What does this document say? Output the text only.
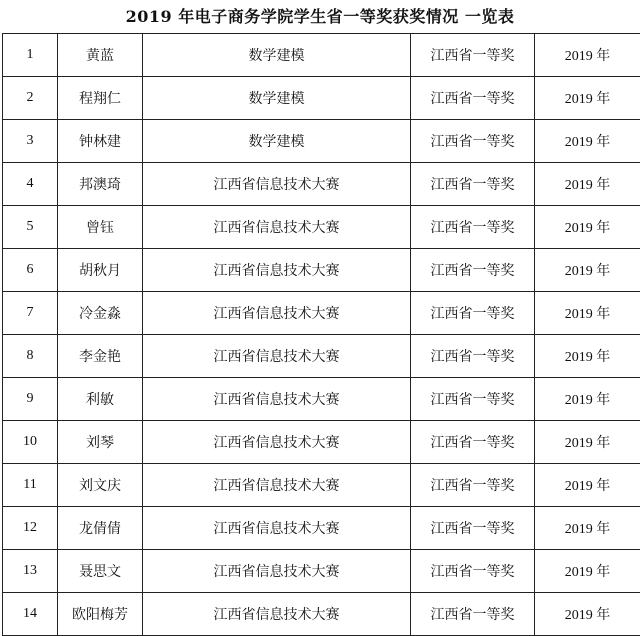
2019 年电子商务学院学生省一等奖获奖情况 一览表
1	黄蓝	数学建模	江西省一等奖	2019 年
2	程翔仁	数学建模	江西省一等奖	2019 年
3	钟林建	数学建模	江西省一等奖	2019 年
4	邦澳琦	江西省信息技术大赛	江西省一等奖	2019 年
5	曾钰	江西省信息技术大赛	江西省一等奖	2019 年
6	胡秋月	江西省信息技术大赛	江西省一等奖	2019 年
7	冷金淼	江西省信息技术大赛	江西省一等奖	2019 年
8	李金艳	江西省信息技术大赛	江西省一等奖	2019 年
9	利敏	江西省信息技术大赛	江西省一等奖	2019 年
10	刘琴	江西省信息技术大赛	江西省一等奖	2019 年
11	刘文庆	江西省信息技术大赛	江西省一等奖	2019 年
12	龙倩倩	江西省信息技术大赛	江西省一等奖	2019 年
13	聂思文	江西省信息技术大赛	江西省一等奖	2019 年
14	欧阳梅芳	江西省信息技术大赛	江西省一等奖	2019 年
